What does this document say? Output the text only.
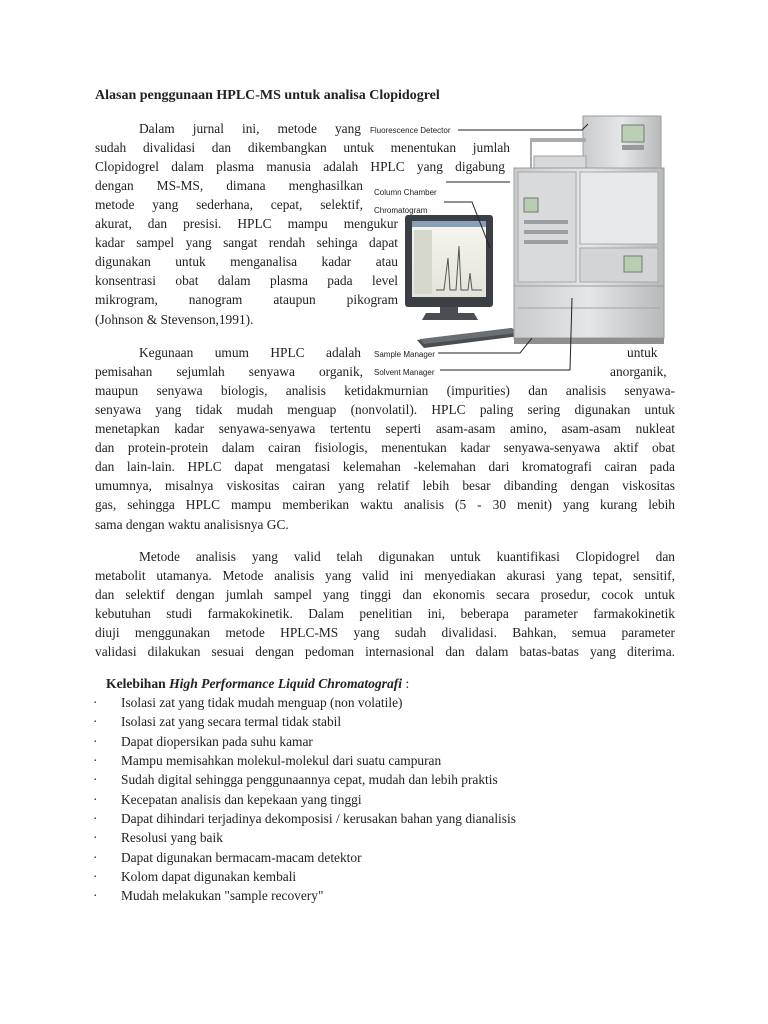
Alasan penggunaan HPLC-MS untuk analisa Clopidogrel
Dalam jurnal ini, metode yang
sudah divalidasi dan dikembangkan untuk menentukan jumlah
Clopidogrel dalam plasma manusia adalah HPLC yang digabung
dengan MS-MS, dimana menghasilkan
metode yang sederhana, cepat, selektif,
akurat, dan presisi. HPLC mampu mengukur
kadar sampel yang sangat rendah sehinga dapat
digunakan untuk menganalisa kadar atau
konsentrasi obat dalam plasma pada level
mikrogram, nanogram ataupun pikogram
(Johnson & Stevenson,1991).
Fluorescence Detector
Column Chamber
Chromatogram
Sample Manager
Solvent Manager
Kegunaan umum HPLC adalah	untuk
pemisahan sejumlah senyawa organik,	anorganik,
maupun senyawa biologis, analisis ketidakmurnian (impurities) dan analisis senyawa-
senyawa yang tidak mudah menguap (nonvolatil). HPLC paling sering digunakan untuk
menetapkan kadar senyawa-senyawa tertentu seperti asam-asam amino, asam-asam nukleat
dan protein-protein dalam cairan fisiologis, menentukan kadar senyawa-senyawa aktif obat
dan lain-lain. HPLC dapat mengatasi kelemahan -kelemahan dari kromatografi cairan pada
umumnya, misalnya viskositas cairan yang relatif lebih besar dibanding dengan viskositas
gas, sehingga HPLC mampu memberikan waktu analisis (5 - 30 menit) yang kurang lebih
sama dengan waktu analisisnya GC.
Metode analisis yang valid telah digunakan untuk kuantifikasi Clopidogrel dan
metabolit utamanya. Metode analisis yang valid ini menyediakan akurasi yang tepat, sensitif,
dan selektif dengan jumlah sampel yang tinggi dan ekonomis secara prosedur, cocok untuk
kebutuhan studi farmakokinetik. Dalam penelitian ini, beberapa parameter farmakokinetik
diuji menggunakan metode HPLC-MS yang sudah divalidasi. Bahkan, semua parameter
validasi dilakukan sesuai dengan pedoman internasional dan dalam batas-batas yang diterima.
Kelebihan High Performance Liquid Chromatografi :
· Isolasi zat yang tidak mudah menguap (non volatile)
· Isolasi zat yang secara termal tidak stabil
· Dapat diopersikan pada suhu kamar
· Mampu memisahkan molekul-molekul dari suatu campuran
· Sudah digital sehingga penggunaannya cepat, mudah dan lebih praktis
· Kecepatan analisis dan kepekaan yang tinggi
· Dapat dihindari terjadinya dekomposisi / kerusakan bahan yang dianalisis
· Resolusi yang baik
· Dapat digunakan bermacam-macam detektor
· Kolom dapat digunakan kembali
· Mudah melakukan "sample recovery"
